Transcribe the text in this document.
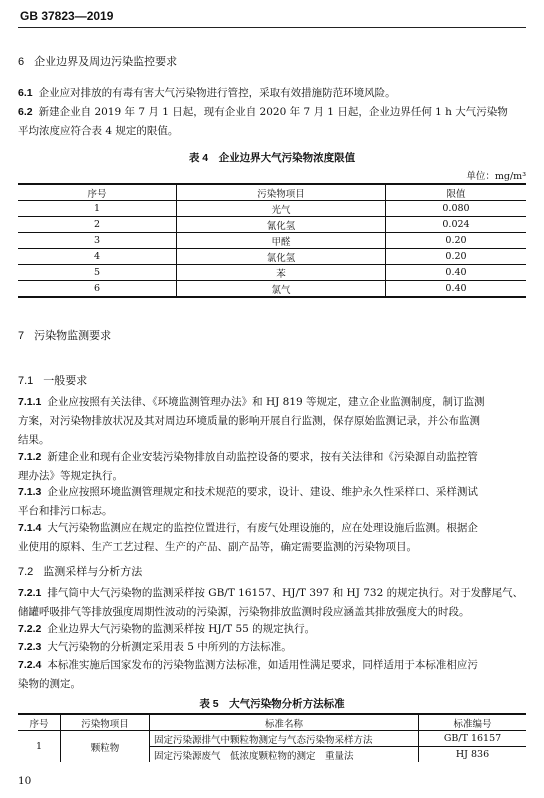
GB 37823—2019
6 企业边界及周边污染监控要求
6.1 企业应对排放的有毒有害大气污染物进行管控，采取有效措施防范环境风险。
6.2 新建企业自 2019 年 7 月 1 日起，现有企业自 2020 年 7 月 1 日起，企业边界任何 1 h 大气污染物
平均浓度应符合表 4 规定的限值。
表 4　企业边界大气污染物浓度限值
单位：mg/m³
序号	污染物项目	限值
1	光气	0.080
2	氰化氢	0.024
3	甲醛	0.20
4	氯化氢	0.20
5	苯	0.40
6	氯气	0.40
7 污染物监测要求
7.1 一般要求
7.1.1 企业应按照有关法律、《环境监测管理办法》和 HJ 819 等规定，建立企业监测制度，制订监测
方案，对污染物排放状况及其对周边环境质量的影响开展自行监测，保存原始监测记录，并公布监测
结果。
7.1.2 新建企业和现有企业安装污染物排放自动监控设备的要求，按有关法律和《污染源自动监控管
理办法》等规定执行。
7.1.3 企业应按照环境监测管理规定和技术规范的要求，设计、建设、维护永久性采样口、采样测试
平台和排污口标志。
7.1.4 大气污染物监测应在规定的监控位置进行，有废气处理设施的，应在处理设施后监测。根据企
业使用的原料、生产工艺过程、生产的产品、副产品等，确定需要监测的污染物项目。
7.2 监测采样与分析方法
7.2.1 排气筒中大气污染物的监测采样按 GB/T 16157、HJ/T 397 和 HJ 732 的规定执行。对于发酵尾气、
储罐呼吸排气等排放强度周期性波动的污染源，污染物排放监测时段应涵盖其排放强度大的时段。
7.2.2 企业边界大气污染物的监测采样按 HJ/T 55 的规定执行。
7.2.3 大气污染物的分析测定采用表 5 中所列的方法标准。
7.2.4 本标准实施后国家发布的污染物监测方法标准，如适用性满足要求，同样适用于本标准相应污
染物的测定。
表 5　大气污染物分析方法标准
序号	污染物项目	标准名称	标准编号
1	颗粒物	固定污染源排气中颗粒物测定与气态污染物采样方法	GB/T 16157
		固定污染源废气　低浓度颗粒物的测定　重量法	HJ 836
10
